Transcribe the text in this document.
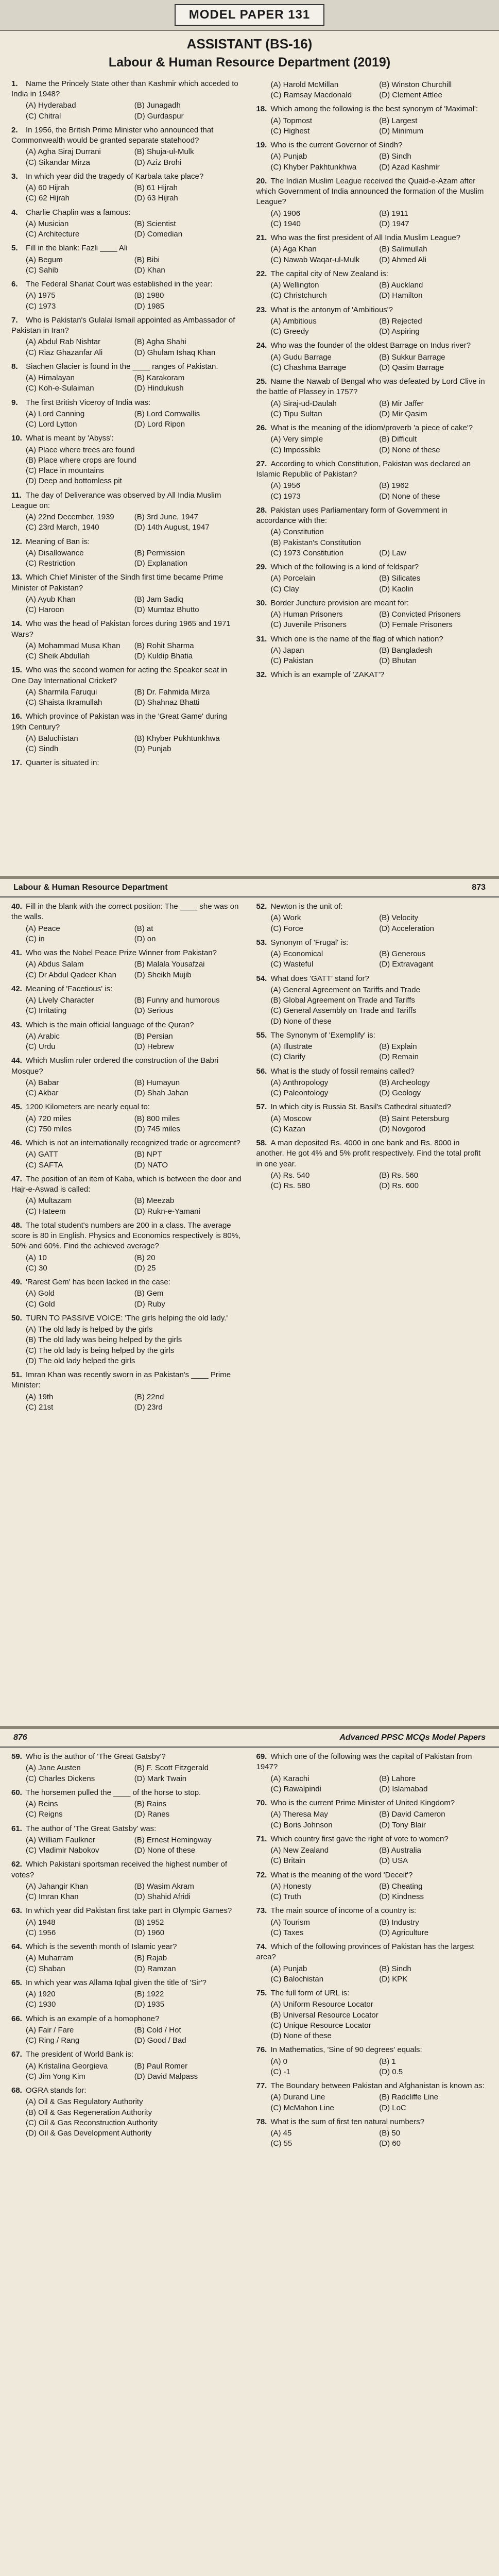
MODEL PAPER 131
ASSISTANT (BS-16)
Labour & Human Resource Department (2019)
1. Name the Princely State other than Kashmir which acceded to India in 1948?
(A) Hyderabad	(B) Junagadh
(C) Chitral	(D) Gurdaspur
2. In 1956, the British Prime Minister who announced that Commonwealth would be granted separate statehood?
(A) Agha Siraj Durrani	(B) Shuja-ul-Mulk
(C) Sikandar Mirza	(D) Aziz Brohi
3. In which year did the tragedy of Karbala take place?
(A) 60 Hijrah	(B) 61 Hijrah
(C) 62 Hijrah	(D) 63 Hijrah
4. Charlie Chaplin was a famous:
(A) Musician	(B) Scientist
(C) Architecture	(D) Comedian
5. Fill in the blank: Fazli ____ Ali
(A) Begum	(B) Bibi
(C) Sahib	(D) Khan
6. The Federal Shariat Court was established in the year:
(A) 1975	(B) 1980
(C) 1973	(D) 1985
7. Who is Pakistan's Gulalai Ismail appointed as Ambassador of Pakistan in Iran?
(A) Abdul Rab Nishtar	(B) Agha Shahi
(C) Riaz Ghazanfar Ali	(D) Ghulam Ishaq Khan
8. Siachen Glacier is found in the ____ ranges of Pakistan.
(A) Himalayan	(B) Karakoram
(C) Koh-e-Sulaiman	(D) Hindukush
9. The first British Viceroy of India was:
(A) Lord Canning	(B) Lord Cornwallis
(C) Lord Lytton	(D) Lord Ripon
10. What is meant by 'Abyss':
(A) Place where trees are found
(B) Place where crops are found
(C) Place in mountains
(D) Deep and bottomless pit
11. The day of Deliverance was observed by All India Muslim League on:
(A) 22nd December, 1939	(B) 3rd June, 1947
(C) 23rd March, 1940	(D) 14th August, 1947
12. Meaning of Ban is:
(A) Disallowance	(B) Permission
(C) Restriction	(D) Explanation
13. Which Chief Minister of the Sindh first time became Prime Minister of Pakistan?
(A) Ayub Khan	(B) Jam Sadiq
(C) Haroon	(D) Mumtaz Bhutto
14. Who was the head of Pakistan forces during 1965 and 1971 Wars?
(A) Mohammad Musa Khan	(B) Rohit Sharma
(C) Sheik Abdullah	(D) Kuldip Bhatia
15. Who was the second women for acting the Speaker seat in One Day International Cricket?
(A) Sharmila Faruqui	(B) Dr. Fahmida Mirza
(C) Shaista Ikramullah	(D) Shahnaz Bhatti
16. Which province of Pakistan was in the 'Great Game' during 19th Century?
(A) Baluchistan	(B) Khyber Pukhtunkhwa
(C) Sindh	(D) Punjab
17. Quarter is situated in:
(A) Harold McMillan	(B) Winston Churchill
(C) Ramsay Macdonald	(D) Clement Attlee
18. Which among the following is the best synonym of 'Maximal':
(A) Topmost	(B) Largest
(C) Highest	(D) Minimum
19. Who is the current Governor of Sindh?
(A) Punjab	(B) Sindh
(C) Khyber Pakhtunkhwa	(D) Azad Kashmir
20. The Indian Muslim League received the Quaid-e-Azam after which Government of India announced the formation of the Muslim League?
(A) 1906	(B) 1911
(C) 1940	(D) 1947
21. Who was the first president of All India Muslim League?
(A) Aga Khan	(B) Salimullah
(C) Nawab Waqar-ul-Mulk	(D) Ahmed Ali
22. The capital city of New Zealand is:
(A) Wellington	(B) Auckland
(C) Christchurch	(D) Hamilton
23. What is the antonym of 'Ambitious'?
(A) Ambitious	(B) Rejected
(C) Greedy	(D) Aspiring
24. Who was the founder of the oldest Barrage on Indus river?
(A) Gudu Barrage	(B) Sukkur Barrage
(C) Chashma Barrage	(D) Qasim Barrage
25. Name the Nawab of Bengal who was defeated by Lord Clive in the battle of Plassey in 1757?
(A) Siraj-ud-Daulah	(B) Mir Jaffer
(C) Tipu Sultan	(D) Mir Qasim
26. What is the meaning of the idiom/proverb 'a piece of cake'?
(A) Very simple	(B) Difficult
(C) Impossible	(D) None of these
27. According to which Constitution, Pakistan was declared an Islamic Republic of Pakistan?
(A) 1956	(B) 1962
(C) 1973	(D) None of these
28. Pakistan uses Parliamentary form of Government in accordance with the:
(A) Constitution
(B) Pakistan's Constitution
(C) 1973 Constitution	(D) Law
29. Which of the following is a kind of feldspar?
(A) Porcelain	(B) Silicates
(C) Clay	(D) Kaolin
30. Border Juncture provision are meant for:
(A) Human Prisoners	(B) Convicted Prisoners
(C) Juvenile Prisoners	(D) Female Prisoners
31. Which one is the name of the flag of which nation?
(A) Japan	(B) Bangladesh
(C) Pakistan	(D) Bhutan
32. Which is an example of 'ZAKAT'?
Labour & Human Resource Department	873
40. Fill in the blank with the correct position: The ____ she was on the walls.
(A) Peace	(B) at
(C) in	(D) on
41. Who was the Nobel Peace Prize Winner from Pakistan?
(A) Abdus Salam	(B) Malala Yousafzai
(C) Dr Abdul Qadeer Khan	(D) Sheikh Mujib
42. Meaning of 'Facetious' is:
(A) Lively Character	(B) Funny and humorous
(C) Irritating	(D) Serious
43. Which is the main official language of the Quran?
(A) Arabic	(B) Persian
(C) Urdu	(D) Hebrew
44. Which Muslim ruler ordered the construction of the Babri Mosque?
(A) Babar	(B) Humayun
(C) Akbar	(D) Shah Jahan
45. 1200 Kilometers are nearly equal to:
(A) 720 miles	(B) 800 miles
(C) 750 miles	(D) 745 miles
46. Which is not an internationally recognized trade or agreement?
(A) GATT	(B) NPT
(C) SAFTA	(D) NATO
47. The position of an item of Kaba, which is between the door and Hajr-e-Aswad is called:
(A) Multazam	(B) Meezab
(C) Hateem	(D) Rukn-e-Yamani
48. The total student's numbers are 200 in a class. The average score is 80 in English. Physics and Economics respectively is 80%, 50% and 60%. Find the achieved average?
(A) 10	(B) 20
(C) 30	(D) 25
49. 'Rarest Gem' has been lacked in the case:
(A) Gold	(B) Gem
(C) Gold	(D) Ruby
50. TURN TO PASSIVE VOICE: 'The girls helping the old lady.'
(A) The old lady is helped by the girls
(B) The old lady was being helped by the girls
(C) The old lady is being helped by the girls
(D) The old lady helped the girls
51. Imran Khan was recently sworn in as Pakistan's ____ Prime Minister:
(A) 19th	(B) 22nd
(C) 21st	(D) 23rd
52. Newton is the unit of:
(A) Work	(B) Velocity
(C) Force	(D) Acceleration
53. Synonym of 'Frugal' is:
(A) Economical	(B) Generous
(C) Wasteful	(D) Extravagant
54. What does 'GATT' stand for?
(A) General Agreement on Tariffs and Trade
(B) Global Agreement on Trade and Tariffs
(C) General Assembly on Trade and Tariffs
(D) None of these
55. The Synonym of 'Exemplify' is:
(A) Illustrate	(B) Explain
(C) Clarify	(D) Remain
56. What is the study of fossil remains called?
(A) Anthropology	(B) Archeology
(C) Paleontology	(D) Geology
57. In which city is Russia St. Basil's Cathedral situated?
(A) Moscow	(B) Saint Petersburg
(C) Kazan	(D) Novgorod
58. A man deposited Rs. 4000 in one bank and Rs. 8000 in another. He got 4% and 5% profit respectively. Find the total profit in one year.
(A) Rs. 540	(B) Rs. 560
(C) Rs. 580	(D) Rs. 600
876	Advanced PPSC MCQs Model Papers
59. Who is the author of 'The Great Gatsby'?
(A) Jane Austen	(B) F. Scott Fitzgerald
(C) Charles Dickens	(D) Mark Twain
60. The horsemen pulled the ____ of the horse to stop.
(A) Reins	(B) Rains
(C) Reigns	(D) Ranes
61. The author of 'The Great Gatsby' was:
(A) William Faulkner	(B) Ernest Hemingway
(C) Vladimir Nabokov	(D) None of these
62. Which Pakistani sportsman received the highest number of votes?
(A) Jahangir Khan	(B) Wasim Akram
(C) Imran Khan	(D) Shahid Afridi
63. In which year did Pakistan first take part in Olympic Games?
(A) 1948	(B) 1952
(C) 1956	(D) 1960
64. Which is the seventh month of Islamic year?
(A) Muharram	(B) Rajab
(C) Shaban	(D) Ramzan
65. In which year was Allama Iqbal given the title of 'Sir'?
(A) 1920	(B) 1922
(C) 1930	(D) 1935
66. Which is an example of a homophone?
(A) Fair / Fare	(B) Cold / Hot
(C) Ring / Rang	(D) Good / Bad
67. The president of World Bank is:
(A) Kristalina Georgieva	(B) Paul Romer
(C) Jim Yong Kim	(D) David Malpass
68. OGRA stands for:
(A) Oil & Gas Regulatory Authority
(B) Oil & Gas Regeneration Authority
(C) Oil & Gas Reconstruction Authority
(D) Oil & Gas Development Authority
69. Which one of the following was the capital of Pakistan from 1947?
(A) Karachi	(B) Lahore
(C) Rawalpindi	(D) Islamabad
70. Who is the current Prime Minister of United Kingdom?
(A) Theresa May	(B) David Cameron
(C) Boris Johnson	(D) Tony Blair
71. Which country first gave the right of vote to women?
(A) New Zealand	(B) Australia
(C) Britain	(D) USA
72. What is the meaning of the word 'Deceit'?
(A) Honesty	(B) Cheating
(C) Truth	(D) Kindness
73. The main source of income of a country is:
(A) Tourism	(B) Industry
(C) Taxes	(D) Agriculture
74. Which of the following provinces of Pakistan has the largest area?
(A) Punjab	(B) Sindh
(C) Balochistan	(D) KPK
75. The full form of URL is:
(A) Uniform Resource Locator
(B) Universal Resource Locator
(C) Unique Resource Locator
(D) None of these
76. In Mathematics, 'Sine of 90 degrees' equals:
(A) 0	(B) 1
(C) -1	(D) 0.5
77. The Boundary between Pakistan and Afghanistan is known as:
(A) Durand Line	(B) Radcliffe Line
(C) McMahon Line	(D) LoC
78. What is the sum of first ten natural numbers?
(A) 45	(B) 50
(C) 55	(D) 60
